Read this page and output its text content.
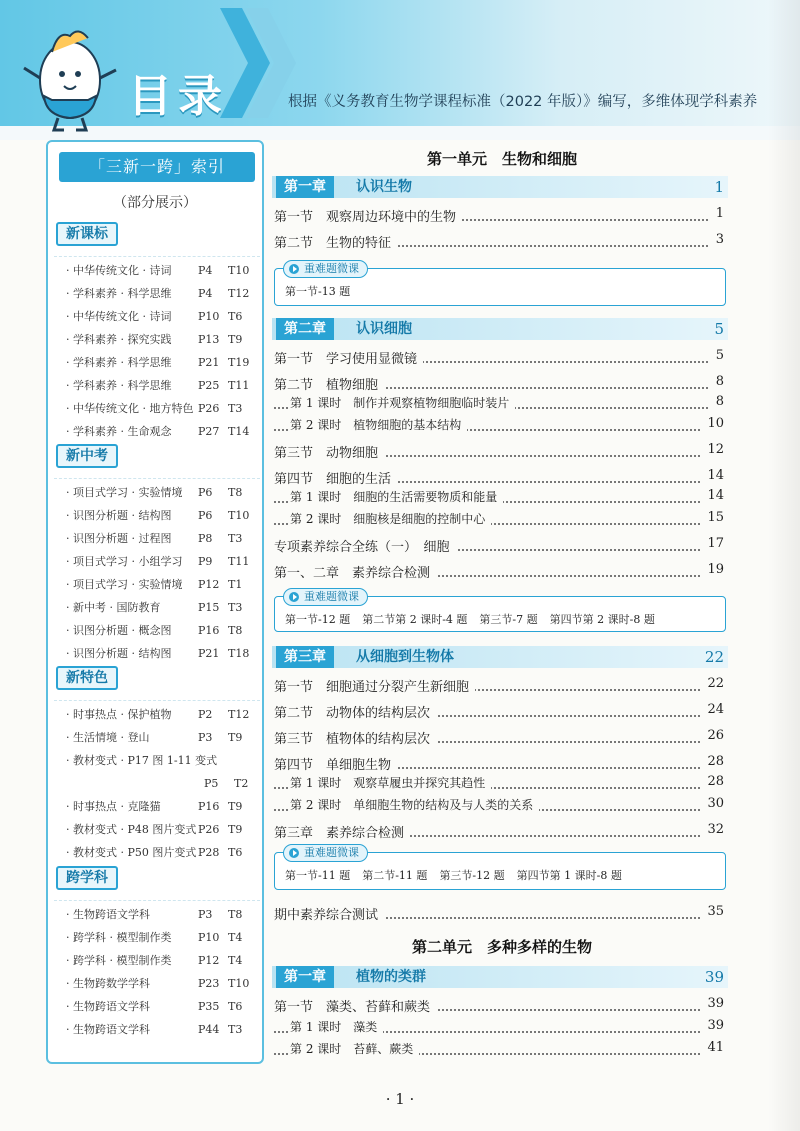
目录	根据《义务教育生物学课程标准（2022 年版）》编写，多维体现学科素养
「三新一跨」索引
（部分展示）
新课标
· 中华传统文化 · 诗词 P4 T10
· 学科素养 · 科学思维 P4 T12
· 中华传统文化 · 诗词 P10 T6
· 学科素养 · 探究实践 P13 T9
· 学科素养 · 科学思维 P21 T19
· 学科素养 · 科学思维 P25 T11
· 中华传统文化 · 地方特色 P26 T3
· 学科素养 · 生命观念 P27 T14
新中考
· 项目式学习 · 实验情境 P6 T8
· 识图分析题 · 结构图 P6 T10
· 识图分析题 · 过程图 P8 T3
· 项目式学习 · 小组学习 P9 T11
· 项目式学习 · 实验情境 P12 T1
· 新中考 · 国防教育	P15 T3
· 识图分析题 · 概念图 P16 T8
· 识图分析题 · 结构图 P21 T18
新特色
· 时事热点 · 保护植物 P2 T12
· 生活情境 · 登山	P3 T9
· 教材变式 · P17 图 1-11 变式
P5 T2
· 时事热点 · 克隆猫	P16 T9
· 教材变式 · P48 图片变式 P26 T9
· 教材变式 · P50 图片变式 P28 T6
跨学科
· 生物跨语文学科	P3 T8
· 跨学科 · 模型制作类 P10 T4
· 跨学科 · 模型制作类 P12 T4
· 生物跨数学学科	P23 T10
· 生物跨语文学科	P35 T6
· 生物跨语文学科	P44 T3
第一单元　生物和细胞
第一章	认识生物	1
第一节　观察周边环境中的生物	1
第二节　生物的特征	3
重难题微课
第一节-13 题
第二章	认识细胞	5
第一节　学习使用显微镜	5
第二节　植物细胞	8
第 1 课时　制作并观察植物细胞临时装片	8
第 2 课时　植物细胞的基本结构	10
第三节　动物细胞	12
第四节　细胞的生活	14
第 1 课时　细胞的生活需要物质和能量	14
第 2 课时　细胞核是细胞的控制中心	15
专项素养综合全练（一）　细胞	17
第一、二章　素养综合检测	19
重难题微课
第一节-12 题 第二节第 2 课时-4 题 第三节-7 题 第四节第 2 课时-8 题
第三章	从细胞到生物体	22
第一节　细胞通过分裂产生新细胞	22
第二节　动物体的结构层次	24
第三节　植物体的结构层次	26
第四节　单细胞生物	28
第 1 课时　观察草履虫并探究其趋性	28
第 2 课时　单细胞生物的结构及与人类的关系	30
第三章　素养综合检测	32
重难题微课
第一节-11 题 第二节-11 题 第三节-12 题 第四节第 1 课时-8 题
期中素养综合测试	35
第二单元　多种多样的生物
第一章	植物的类群	39
第一节　藻类、苔藓和蕨类	39
第 1 课时　藻类	39
第 2 课时　苔藓、蕨类	41
· 1 ·
